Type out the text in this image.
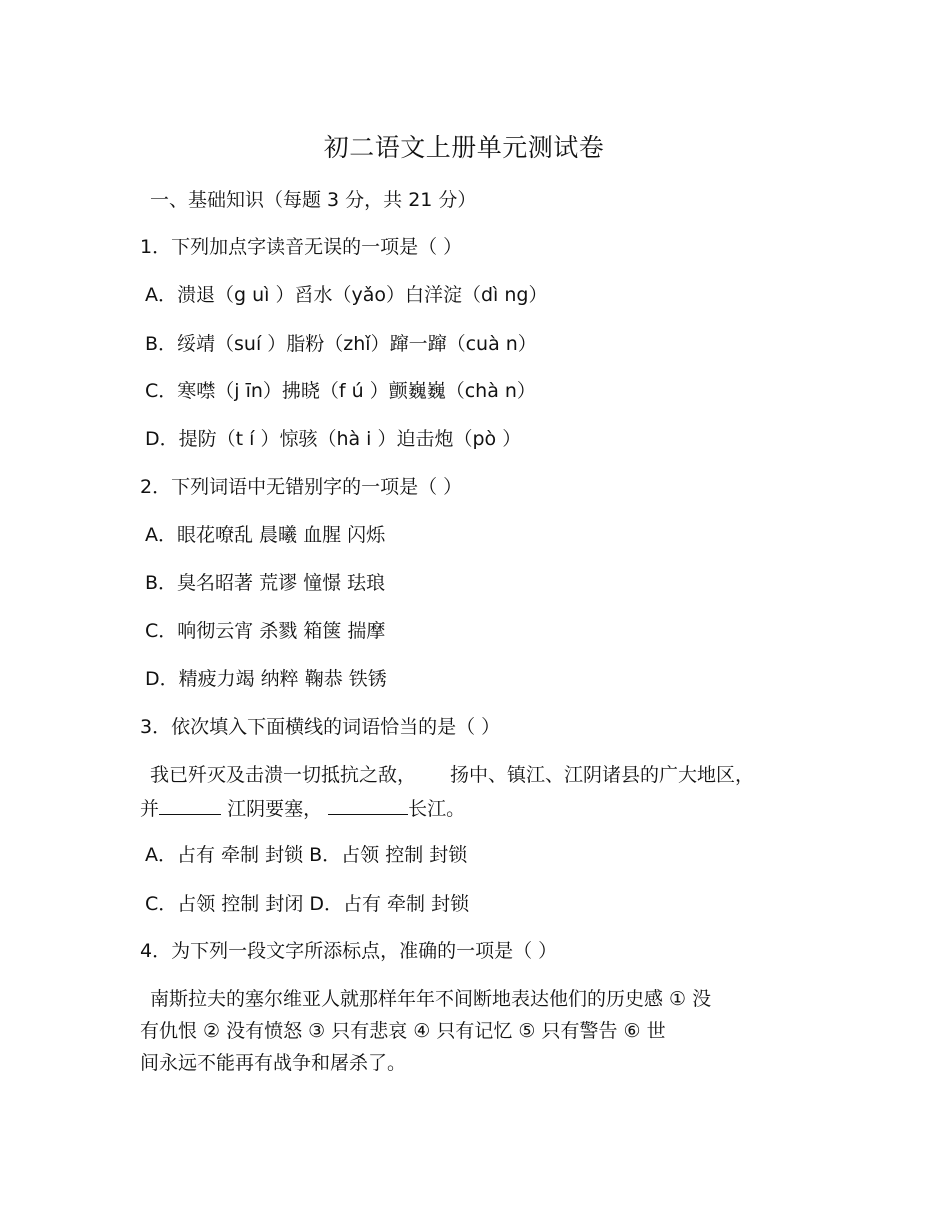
初二语文上册单元测试卷
一、基础知识（每题 3 分，共 21 分）
1．下列加点字读音无误的一项是（ ）
A．溃退（g uì ）舀水（yǎo）白洋淀（dì ng）
B．绥靖（suí ）脂粉（zhǐ）蹿一蹿（cuà n）
C．寒噤（j īn）拂晓（f ú ）颤巍巍（chà n）
D．提防（t í ）惊骇（hà i ）迫击炮（pò ）
2．下列词语中无错别字的一项是（ ）
A．眼花嘹乱 晨曦 血腥 闪烁
B．臭名昭著 荒谬 憧憬 珐琅
C．响彻云宵 杀戮 箱箧 揣摩
D．精疲力竭 纳粹 鞠恭 铁锈
3．依次填入下面横线的词语恰当的是（ ）
我已歼灭及击溃一切抵抗之敌， 扬中、镇江、江阴诸县的广大地区，
并	江阴要塞，	长江。
A．占有 牵制 封锁 B．占领 控制 封锁
C．占领 控制 封闭 D．占有 牵制 封锁
4．为下列一段文字所添标点，准确的一项是（ ）
南斯拉夫的塞尔维亚人就那样年年不间断地表达他们的历史感 ① 没
有仇恨 ② 没有愤怒 ③ 只有悲哀 ④ 只有记忆 ⑤ 只有警告 ⑥ 世
间永远不能再有战争和屠杀了。
